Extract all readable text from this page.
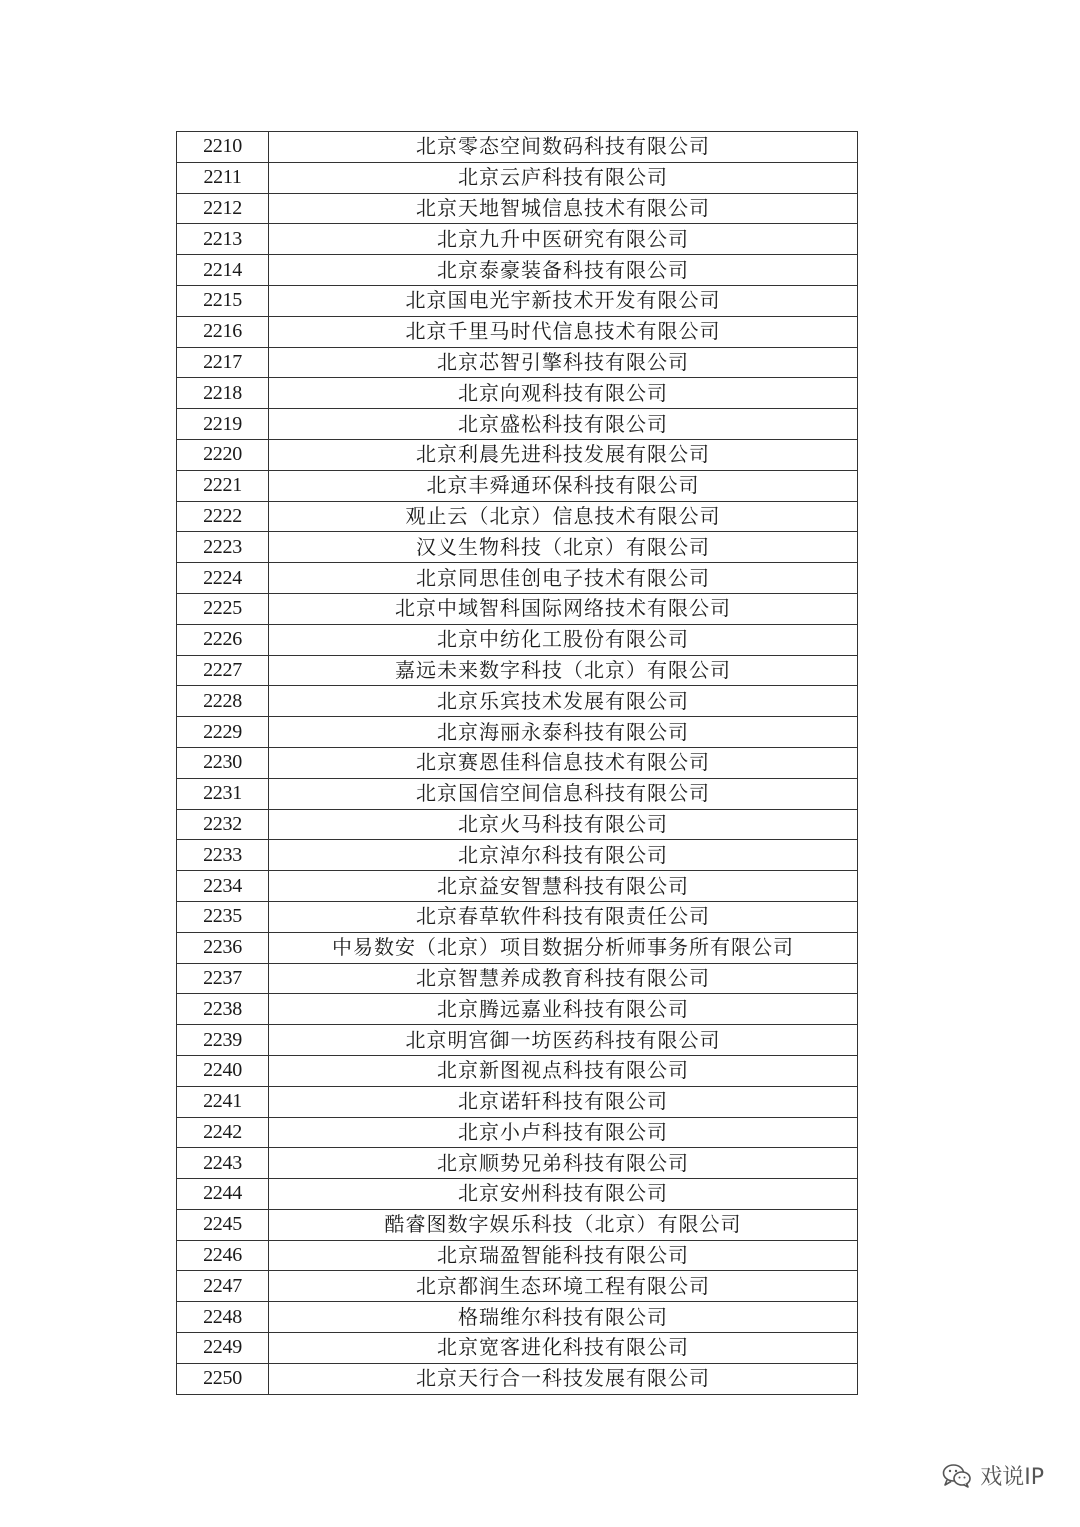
2210	北京零态空间数码科技有限公司
2211	北京云庐科技有限公司
2212	北京天地智城信息技术有限公司
2213	北京九升中医研究有限公司
2214	北京泰豪装备科技有限公司
2215	北京国电光宇新技术开发有限公司
2216	北京千里马时代信息技术有限公司
2217	北京芯智引擎科技有限公司
2218	北京向观科技有限公司
2219	北京盛松科技有限公司
2220	北京利晨先进科技发展有限公司
2221	北京丰舜通环保科技有限公司
2222	观止云（北京）信息技术有限公司
2223	汉义生物科技（北京）有限公司
2224	北京同思佳创电子技术有限公司
2225	北京中域智科国际网络技术有限公司
2226	北京中纺化工股份有限公司
2227	嘉远未来数字科技（北京）有限公司
2228	北京乐宾技术发展有限公司
2229	北京海丽永泰科技有限公司
2230	北京赛恩佳科信息技术有限公司
2231	北京国信空间信息科技有限公司
2232	北京火马科技有限公司
2233	北京淖尔科技有限公司
2234	北京益安智慧科技有限公司
2235	北京春草软件科技有限责任公司
2236	中易数安（北京）项目数据分析师事务所有限公司
2237	北京智慧养成教育科技有限公司
2238	北京腾远嘉业科技有限公司
2239	北京明宫御一坊医药科技有限公司
2240	北京新图视点科技有限公司
2241	北京诺轩科技有限公司
2242	北京小卢科技有限公司
2243	北京顺势兄弟科技有限公司
2244	北京安州科技有限公司
2245	酷睿图数字娱乐科技（北京）有限公司
2246	北京瑞盈智能科技有限公司
2247	北京都润生态环境工程有限公司
2248	格瑞维尔科技有限公司
2249	北京宽客进化科技有限公司
2250	北京天行合一科技发展有限公司
戏说IP
